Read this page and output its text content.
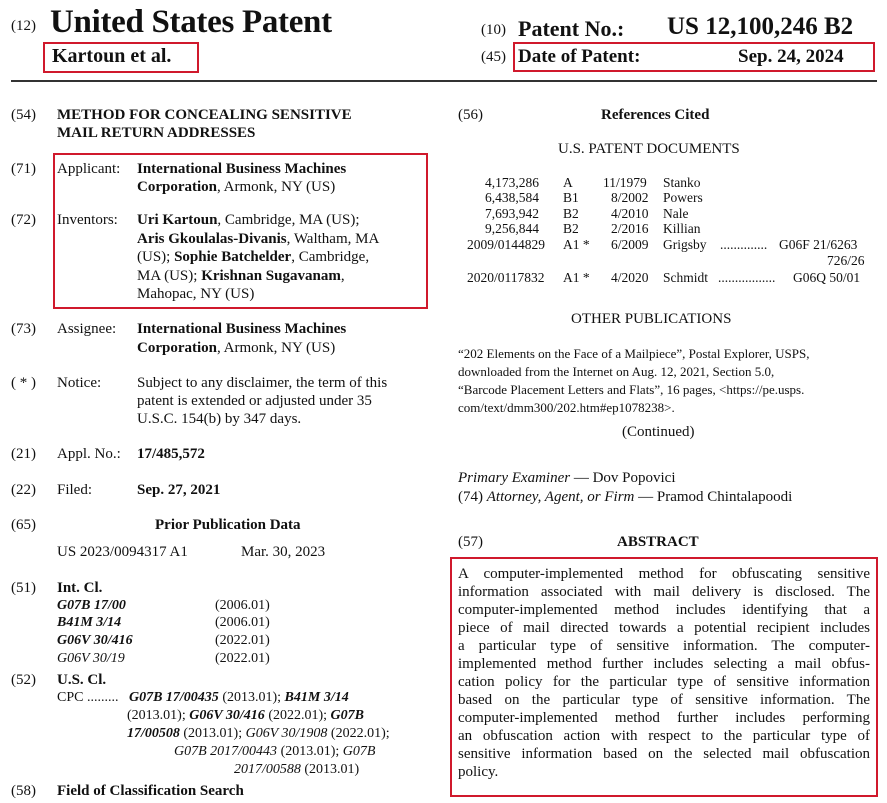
(12) United States Patent
Kartoun et al.
(10) Patent No.: US 12,100,246 B2
(45) Date of Patent:	Sep. 24, 2024
(54) METHOD FOR CONCEALING SENSITIVE
MAIL RETURN ADDRESSES
(71) Applicant: International Business Machines
Corporation, Armonk, NY (US)
(72) Inventors: Uri Kartoun, Cambridge, MA (US);
Aris Gkoulalas-Divanis, Waltham, MA
(US); Sophie Batchelder, Cambridge,
MA (US); Krishnan Sugavanam,
Mahopac, NY (US)
(73) Assignee: International Business Machines
Corporation, Armonk, NY (US)
( * ) Notice: Subject to any disclaimer, the term of this
patent is extended or adjusted under 35
U.S.C. 154(b) by 347 days.
(21) Appl. No.: 17/485,572
(22) Filed:	Sep. 27, 2021
(65)	Prior Publication Data
US 2023/0094317 A1	Mar. 30, 2023
(51) Int. Cl.
G07B 17/00	(2006.01)
B41M 3/14	(2006.01)
G06V 30/416	(2022.01)
G06V 30/19	(2022.01)
(52) U.S. Cl.
CPC ......... G07B 17/00435 (2013.01); B41M 3/14
(2013.01); G06V 30/416 (2022.01); G07B
17/00508 (2013.01); G06V 30/1908 (2022.01);
G07B 2017/00443 (2013.01); G07B
2017/00588 (2013.01)
(58) Field of Classification Search
(56)	References Cited
U.S. PATENT DOCUMENTS
4,173,286 A 11/1979 Stanko
6,438,584 B1 8/2002 Powers
7,693,942 B2 4/2010 Nale
9,256,844 B2 2/2016 Killian
2009/0144829 A1 * 6/2009 Grigsby .............. G06F 21/6263
726/26
2020/0117832 A1 * 4/2020 Schmidt ................. G06Q 50/01
OTHER PUBLICATIONS
“202 Elements on the Face of a Mailpiece”, Postal Explorer, USPS,
downloaded from the Internet on Aug. 12, 2021, Section 5.0,
“Barcode Placement Letters and Flats”, 16 pages, <https://pe.usps.
com/text/dmm300/202.htm#ep1078238>.
(Continued)
Primary Examiner — Dov Popovici
(74) Attorney, Agent, or Firm — Pramod Chintalapoodi
(57)	ABSTRACT
A computer-implemented method for obfuscating sensitive
information associated with mail delivery is disclosed. The
computer-implemented method includes identifying that a
piece of mail directed towards a potential recipient includes
a particular type of sensitive information. The computer-
implemented method further includes selecting a mail obfus-
cation policy for the particular type of sensitive information
based on the particular type of sensitive information. The
computer-implemented method further includes performing
an obfuscation action with respect to the particular type of
sensitive information based on the selected mail obfuscation
policy.
